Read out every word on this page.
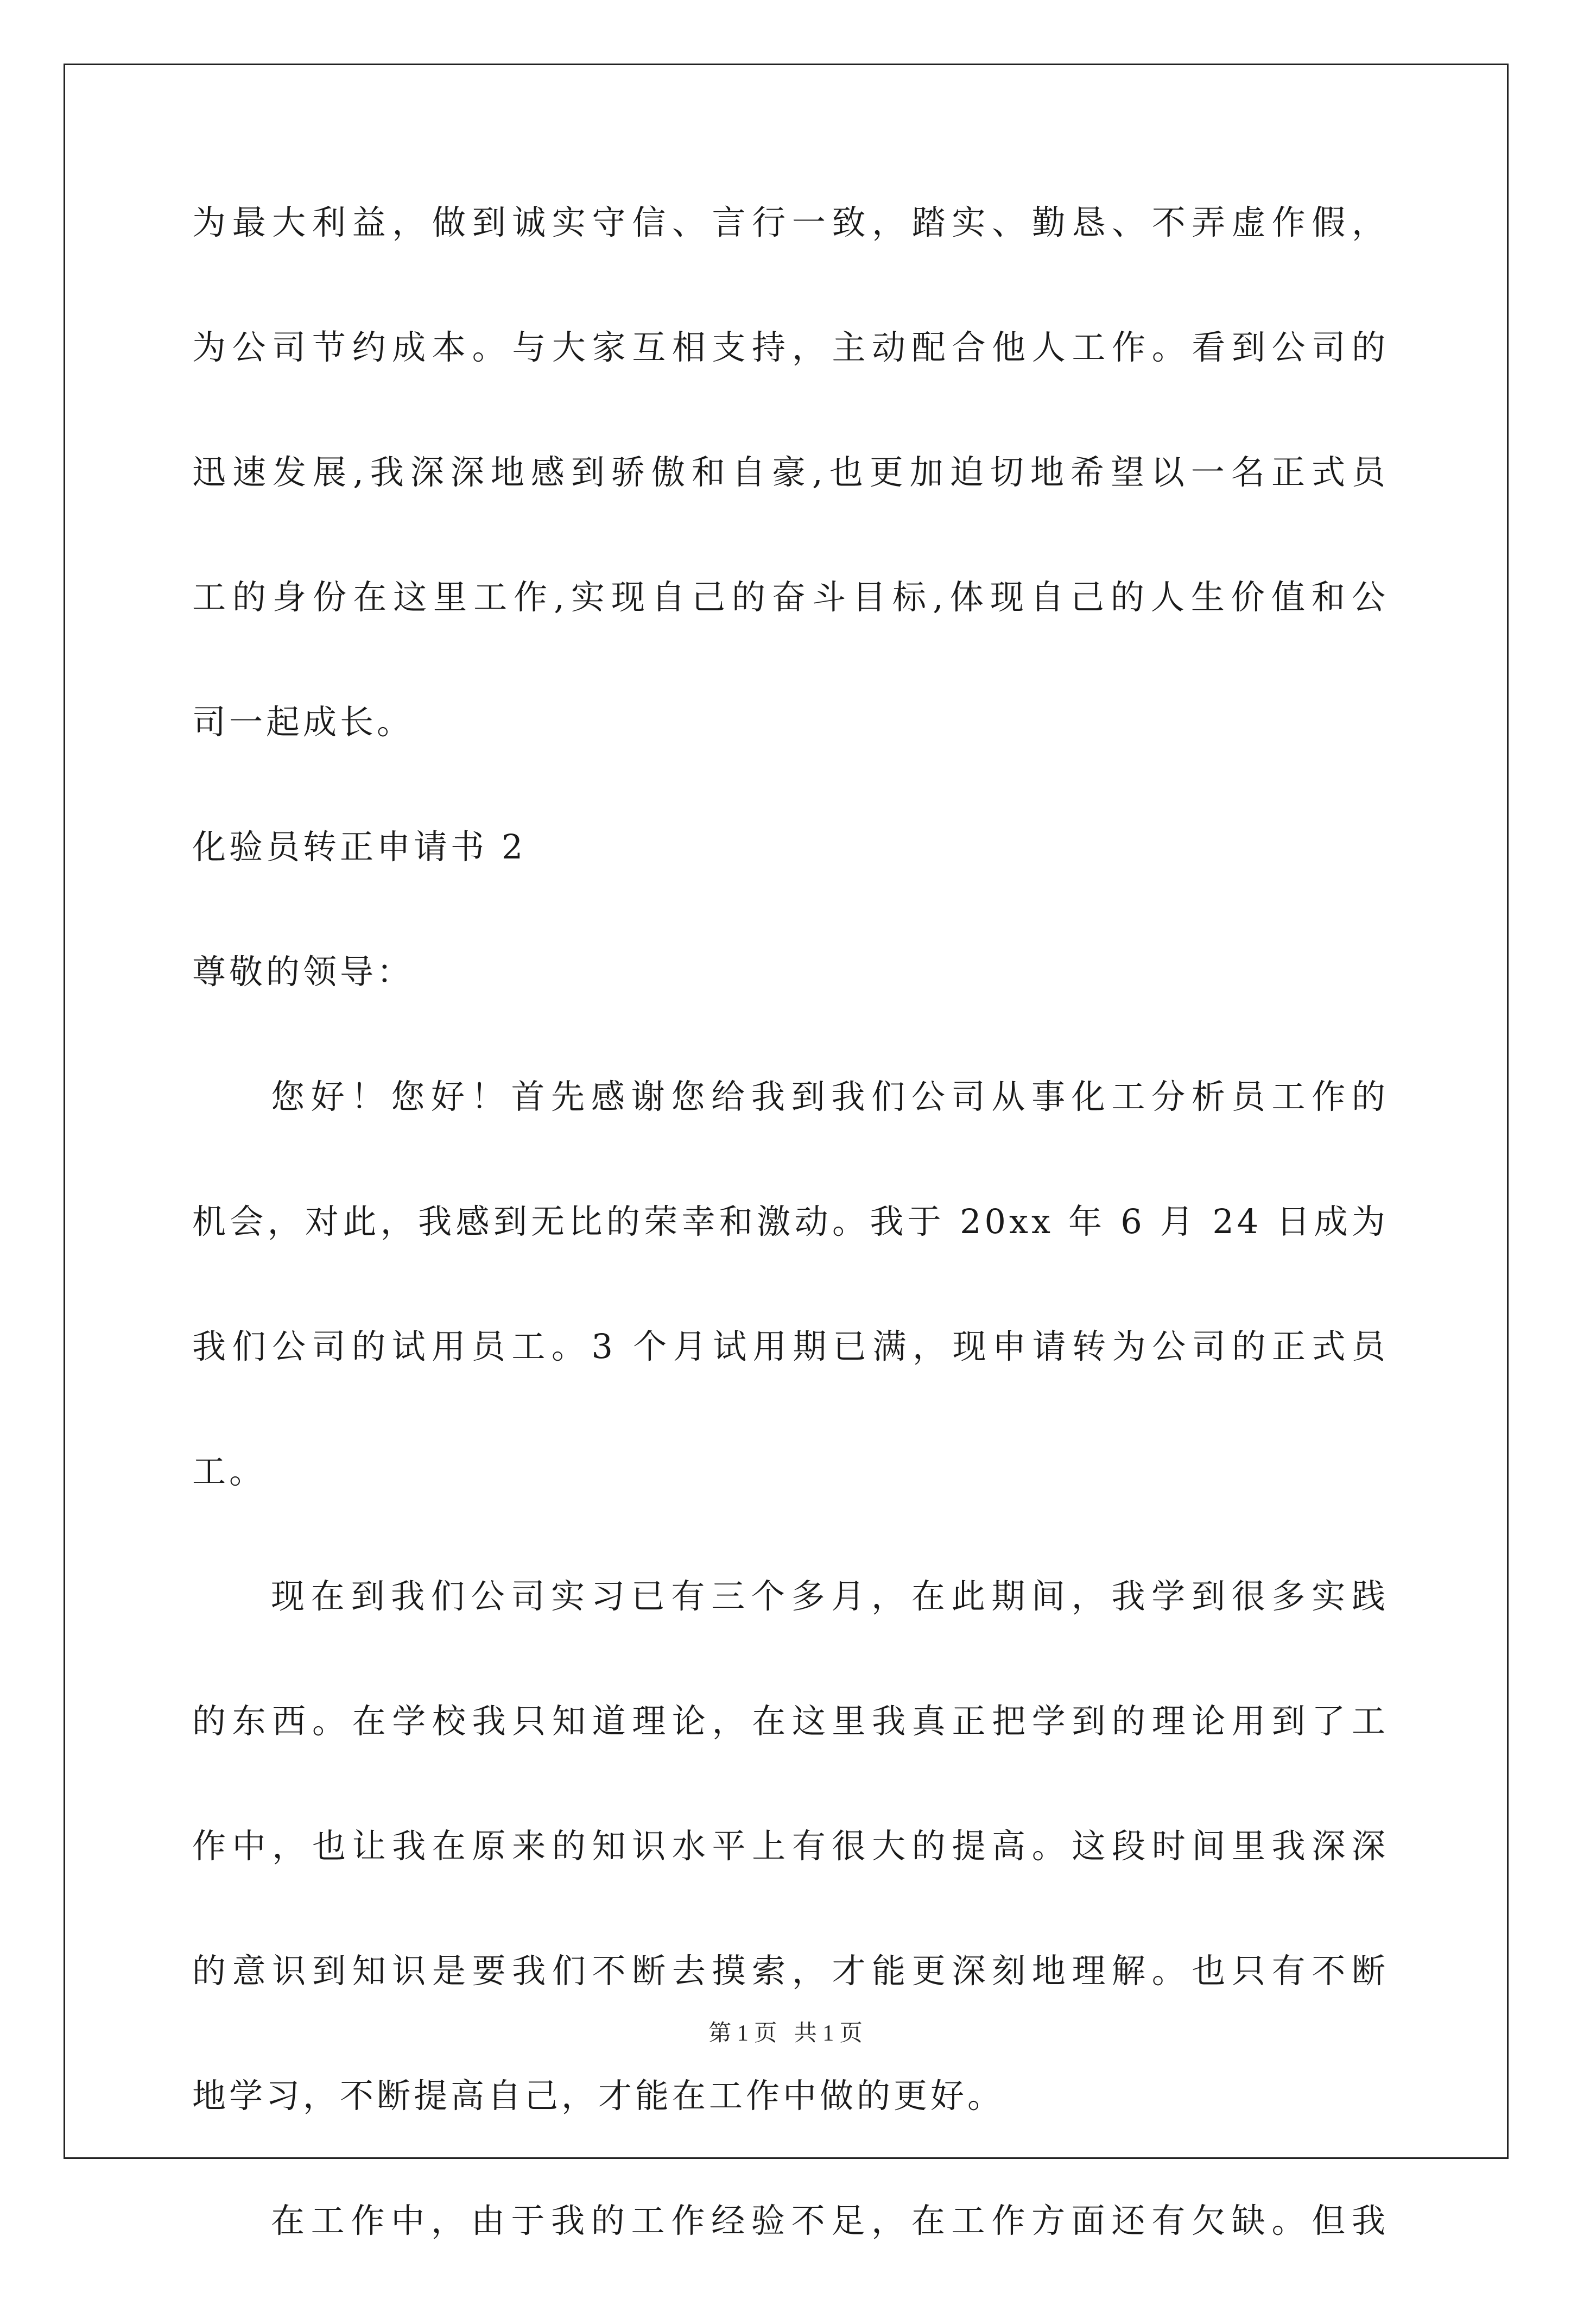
为最大利益，做到诚实守信、言行一致，踏实、勤恳、不弄虚作假，
为公司节约成本。与大家互相支持，主动配合他人工作。看到公司的
迅速发展,我深深地感到骄傲和自豪,也更加迫切地希望以一名正式员
工的身份在这里工作,实现自己的奋斗目标,体现自己的人生价值和公
司一起成长。
化验员转正申请书 2
尊敬的领导：
您好！您好！首先感谢您给我到我们公司从事化工分析员工作的
机会，对此，我感到无比的荣幸和激动。我于 20xx 年 6 月 24 日成为
我们公司的试用员工。3 个月试用期已满，现申请转为公司的正式员
工。
现在到我们公司实习已有三个多月，在此期间，我学到很多实践
的东西。在学校我只知道理论，在这里我真正把学到的理论用到了工
作中，也让我在原来的知识水平上有很大的提高。这段时间里我深深
的意识到知识是要我们不断去摸索，才能更深刻地理解。也只有不断
地学习，不断提高自己，才能在工作中做的更好。
在工作中，由于我的工作经验不足，在工作方面还有欠缺。但我
第 1 页   共 1 页
